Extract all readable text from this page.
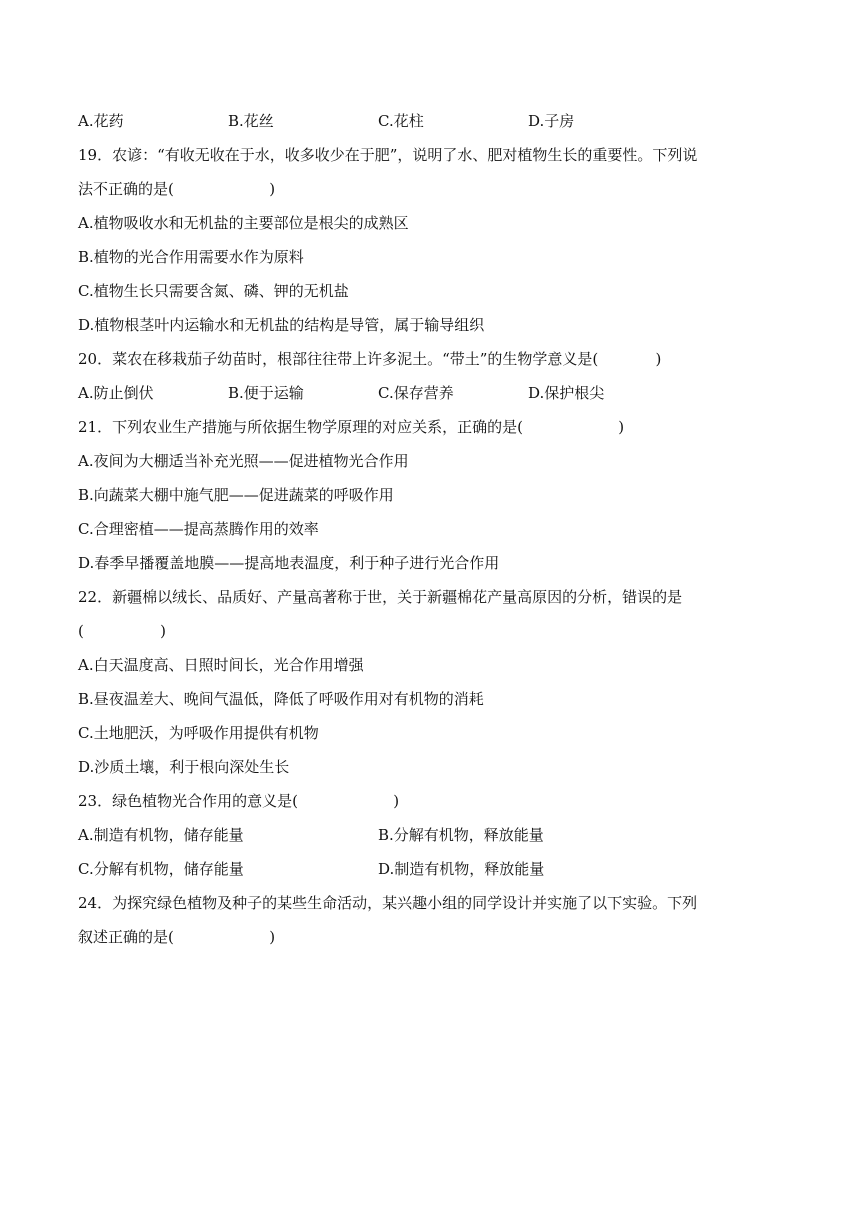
A.花药	B.花丝	C.花柱	D.子房
19．农谚：“有收无收在于水，收多收少在于肥”，说明了水、肥对植物生长的重要性。下列说
法不正确的是(                    )
A.植物吸收水和无机盐的主要部位是根尖的成熟区
B.植物的光合作用需要水作为原料
C.植物生长只需要含氮、磷、钾的无机盐
D.植物根茎叶内运输水和无机盐的结构是导管，属于输导组织
20．菜农在移栽茄子幼苗时，根部往往带上许多泥土。“带土”的生物学意义是(            )
A.防止倒伏	B.便于运输	C.保存营养	D.保护根尖
21．下列农业生产措施与所依据生物学原理的对应关系，正确的是(                    )
A.夜间为大棚适当补充光照——促进植物光合作用
B.向蔬菜大棚中施气肥——促进蔬菜的呼吸作用
C.合理密植——提高蒸腾作用的效率
D.春季早播覆盖地膜——提高地表温度，利于种子进行光合作用
22．新疆棉以绒长、品质好、产量高著称于世，关于新疆棉花产量高原因的分析，错误的是
(                )
A.白天温度高、日照时间长，光合作用增强
B.昼夜温差大、晚间气温低，降低了呼吸作用对有机物的消耗
C.土地肥沃，为呼吸作用提供有机物
D.沙质土壤，利于根向深处生长
23．绿色植物光合作用的意义是(                    )
A.制造有机物，储存能量	B.分解有机物，释放能量
C.分解有机物，储存能量	D.制造有机物，释放能量
24．为探究绿色植物及种子的某些生命活动，某兴趣小组的同学设计并实施了以下实验。下列
叙述正确的是(                    )
